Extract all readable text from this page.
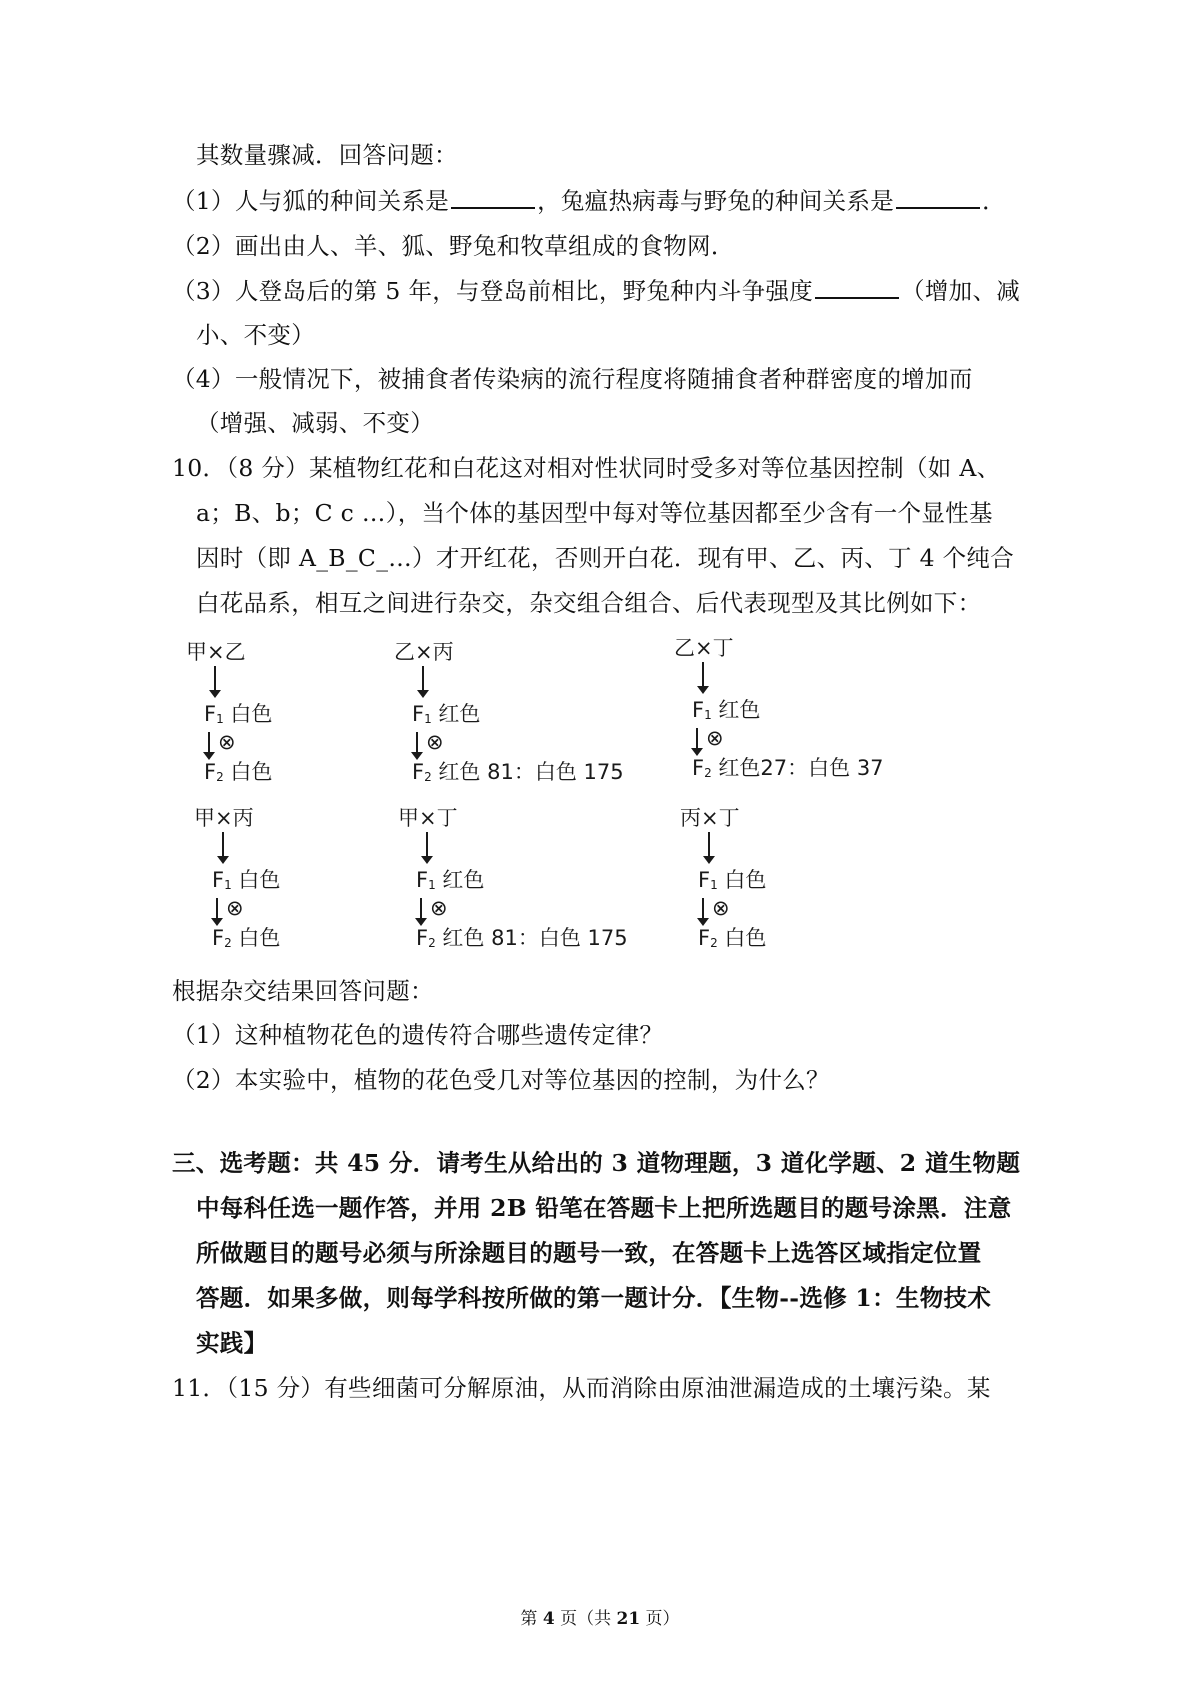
其数量骤减．回答问题：
（1）人与狐的种间关系是	，兔瘟热病毒与野兔的种间关系是	．
（2）画出由人、羊、狐、野兔和牧草组成的食物网．
（3）人登岛后的第 5 年，与登岛前相比，野兔种内斗争强度	（增加、减
小、不变）
（4）一般情况下，被捕食者传染病的流行程度将随捕食者种群密度的增加而
（增强、减弱、不变）
10．（8 分）某植物红花和白花这对相对性状同时受多对等位基因控制（如 A、
a；B、b；C c …），当个体的基因型中每对等位基因都至少含有一个显性基
因时（即 A_B_C_…）才开红花，否则开白花．现有甲、乙、丙、丁 4 个纯合
白花品系，相互之间进行杂交，杂交组合组合、后代表现型及其比例如下：
甲×乙
F1 白色
⊗
F2 白色
乙×丙
F1 红色
⊗
F2 红色 81：白色 175
乙×丁
F1 红色
⊗
F2 红色27：白色 37
甲×丙
F1 白色
⊗
F2 白色
甲×丁
F1 红色
⊗
F2 红色 81：白色 175
丙×丁
F1 白色
⊗
F2 白色
根据杂交结果回答问题：
（1）这种植物花色的遗传符合哪些遗传定律？
（2）本实验中，植物的花色受几对等位基因的控制，为什么？
三、选考题：共 45 分．请考生从给出的 3 道物理题，3 道化学题、2 道生物题
中每科任选一题作答，并用 2B 铅笔在答题卡上把所选题目的题号涂黑．注意
所做题目的题号必须与所涂题目的题号一致，在答题卡上选答区域指定位置
答题．如果多做，则每学科按所做的第一题计分．【生物--选修 1：生物技术
实践】
11．（15 分）有些细菌可分解原油，从而消除由原油泄漏造成的土壤污染。某
第 4 页（共 21 页）
